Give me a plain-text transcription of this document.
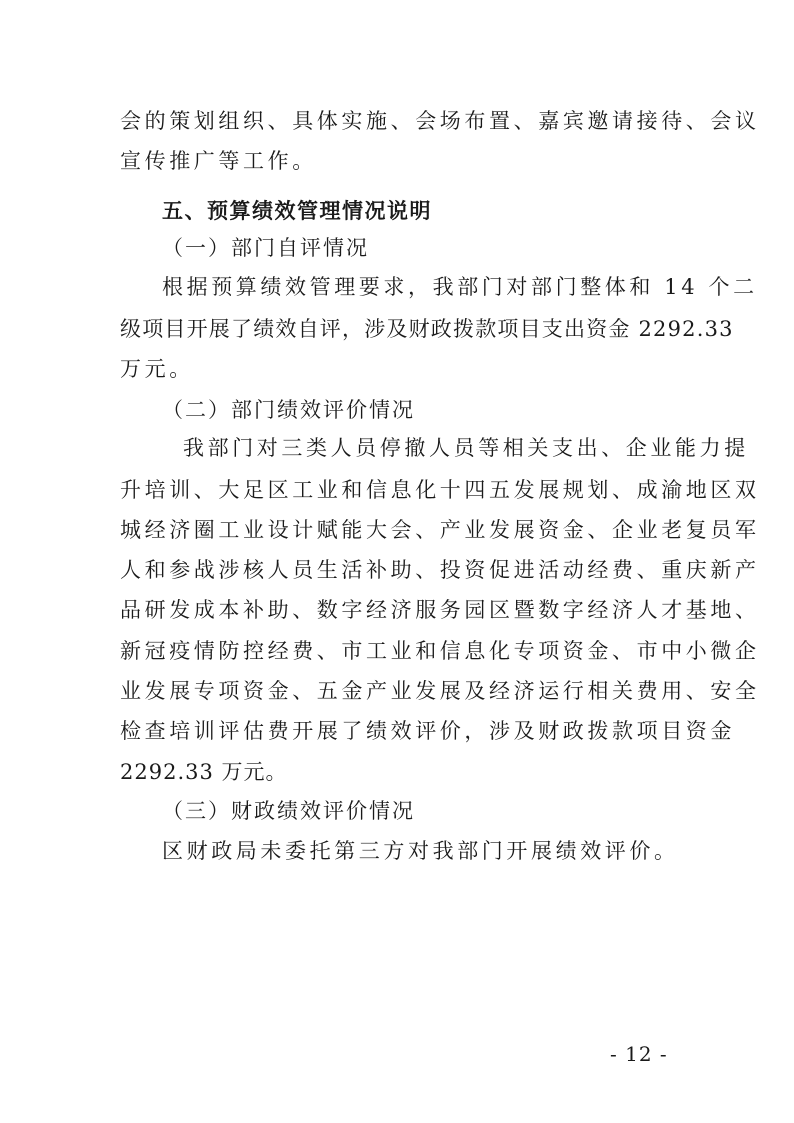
会的策划组织、具体实施、会场布置、嘉宾邀请接待、会议
宣传推广等工作。
五、预算绩效管理情况说明
（一）部门自评情况
根据预算绩效管理要求，我部门对部门整体和 14 个二
级项目开展了绩效自评，涉及财政拨款项目支出资金 2292.33
万元。
（二）部门绩效评价情况
我部门对三类人员停撤人员等相关支出、企业能力提
升培训、大足区工业和信息化十四五发展规划、成渝地区双
城经济圈工业设计赋能大会、产业发展资金、企业老复员军
人和参战涉核人员生活补助、投资促进活动经费、重庆新产
品研发成本补助、数字经济服务园区暨数字经济人才基地、
新冠疫情防控经费、市工业和信息化专项资金、市中小微企
业发展专项资金、五金产业发展及经济运行相关费用、安全
检查培训评估费开展了绩效评价，涉及财政拨款项目资金
2292.33 万元。
（三）财政绩效评价情况
区财政局未委托第三方对我部门开展绩效评价。
- 12 -
